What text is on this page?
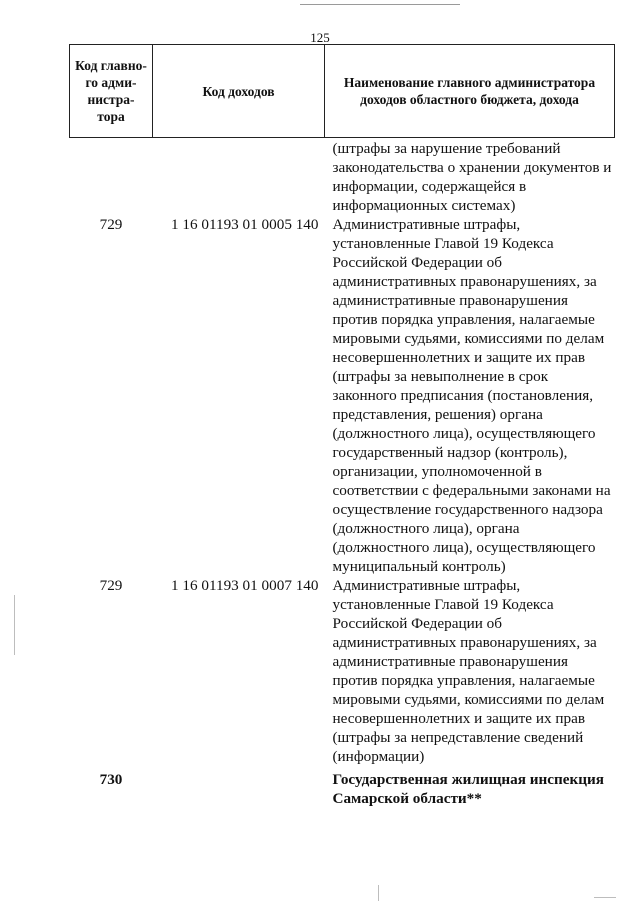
125
Код главно-го адми-нистра-тора	Код доходов	Наименование главного администратора доходов областного бюджета, дохода
		(штрафы за нарушение требований законодательства о хранении документов и информации, содержащейся в информационных системах)
729	1 16 01193 01 0005 140	Административные штрафы, установленные Главой 19 Кодекса Российской Федерации об административных правонарушениях, за административные правонарушения против порядка управления, налагаемые мировыми судьями, комиссиями по делам несовершеннолетних и защите их прав (штрафы за невыполнение в срок законного предписания (постановления, представления, решения) органа (должностного лица), осуществляющего государственный надзор (контроль), организации, уполномоченной в соответствии с федеральными законами на осуществление государственного надзора (должностного лица), органа (должностного лица), осуществляющего муниципальный контроль)
729	1 16 01193 01 0007 140	Административные штрафы, установленные Главой 19 Кодекса Российской Федерации об административных правонарушениях, за административные правонарушения против порядка управления, налагаемые мировыми судьями, комиссиями по делам несовершеннолетних и защите их прав (штрафы за непредставление сведений (информации)
730		Государственная жилищная инспекция Самарской области**
